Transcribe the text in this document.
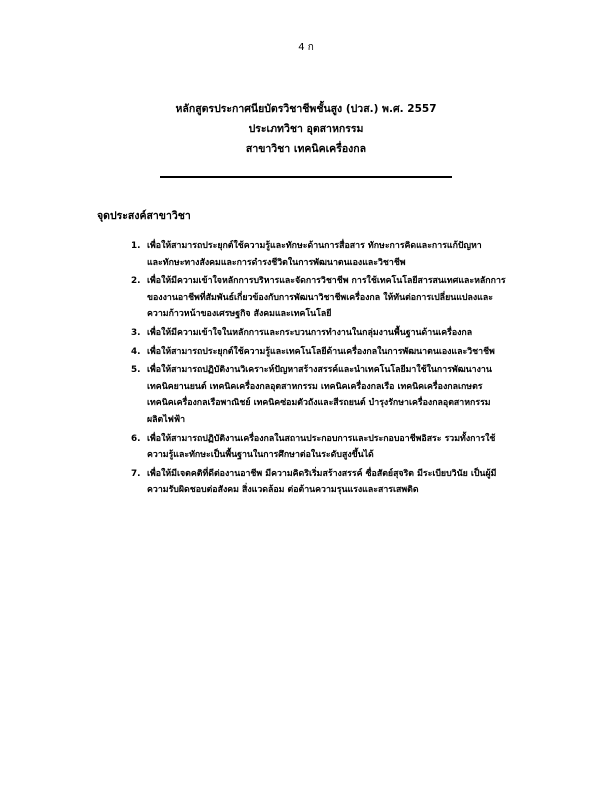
4 ก
หลักสูตรประกาศนียบัตรวิชาชีพชั้นสูง (ปวส.) พ.ศ. 2557
ประเภทวิชา อุตสาหกรรม
สาขาวิชา เทคนิคเครื่องกล
จุดประสงค์สาขาวิชา
1. เพื่อให้สามารถประยุกต์ใช้ความรู้และทักษะด้านการสื่อสาร ทักษะการคิดและการแก้ปัญหา
และทักษะทางสังคมและการดำรงชีวิตในการพัฒนาตนเองและวิชาชีพ
2. เพื่อให้มีความเข้าใจหลักการบริหารและจัดการวิชาชีพ การใช้เทคโนโลยีสารสนเทศและหลักการ
ของงานอาชีพที่สัมพันธ์เกี่ยวข้องกับการพัฒนาวิชาชีพเครื่องกล ให้ทันต่อการเปลี่ยนแปลงและ
ความก้าวหน้าของเศรษฐกิจ สังคมและเทคโนโลยี
3. เพื่อให้มีความเข้าใจในหลักการและกระบวนการทำงานในกลุ่มงานพื้นฐานด้านเครื่องกล
4. เพื่อให้สามารถประยุกต์ใช้ความรู้และเทคโนโลยีด้านเครื่องกลในการพัฒนาตนเองและวิชาชีพ
5. เพื่อให้สามารถปฏิบัติงานวิเคราะห์ปัญหาสร้างสรรค์และนำเทคโนโลยีมาใช้ในการพัฒนางาน
เทคนิคยานยนต์ เทคนิคเครื่องกลอุตสาหกรรม เทคนิคเครื่องกลเรือ เทคนิคเครื่องกลเกษตร
เทคนิคเครื่องกลเรือพาณิชย์ เทคนิคซ่อมตัวถังและสีรถยนต์ บำรุงรักษาเครื่องกลอุตสาหกรรม
ผลิตไฟฟ้า
6. เพื่อให้สามารถปฏิบัติงานเครื่องกลในสถานประกอบการและประกอบอาชีพอิสระ รวมทั้งการใช้
ความรู้และทักษะเป็นพื้นฐานในการศึกษาต่อในระดับสูงขึ้นได้
7. เพื่อให้มีเจตคติที่ดีต่องานอาชีพ มีความคิดริเริ่มสร้างสรรค์ ซื่อสัตย์สุจริต มีระเบียบวินัย เป็นผู้มี
ความรับผิดชอบต่อสังคม สิ่งแวดล้อม ต่อต้านความรุนแรงและสารเสพติด
